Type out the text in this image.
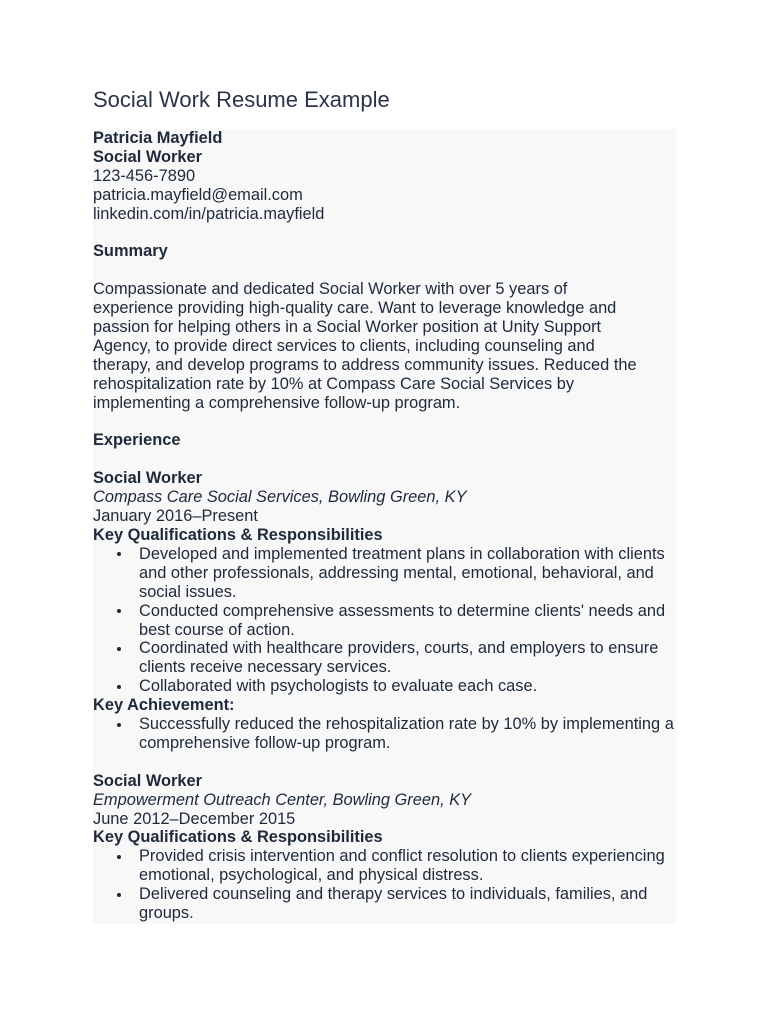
Social Work Resume Example
Patricia Mayfield
Social Worker
123-456-7890
patricia.mayfield@email.com
linkedin.com/in/patricia.mayfield
Summary
Compassionate and dedicated Social Worker with over 5 years of
experience providing high-quality care. Want to leverage knowledge and
passion for helping others in a Social Worker position at Unity Support
Agency, to provide direct services to clients, including counseling and
therapy, and develop programs to address community issues. Reduced the
rehospitalization rate by 10% at Compass Care Social Services by
implementing a comprehensive follow-up program.
Experience
Social Worker
Compass Care Social Services, Bowling Green, KY
January 2016–Present
Key Qualifications & Responsibilities
Developed and implemented treatment plans in collaboration with clients and other professionals, addressing mental, emotional, behavioral, and social issues.
Conducted comprehensive assessments to determine clients' needs and best course of action.
Coordinated with healthcare providers, courts, and employers to ensure clients receive necessary services.
Collaborated with psychologists to evaluate each case.
Key Achievement:
Successfully reduced the rehospitalization rate by 10% by implementing a comprehensive follow-up program.
Social Worker
Empowerment Outreach Center, Bowling Green, KY
June 2012–December 2015
Key Qualifications & Responsibilities
Provided crisis intervention and conflict resolution to clients experiencing emotional, psychological, and physical distress.
Delivered counseling and therapy services to individuals, families, and groups.
